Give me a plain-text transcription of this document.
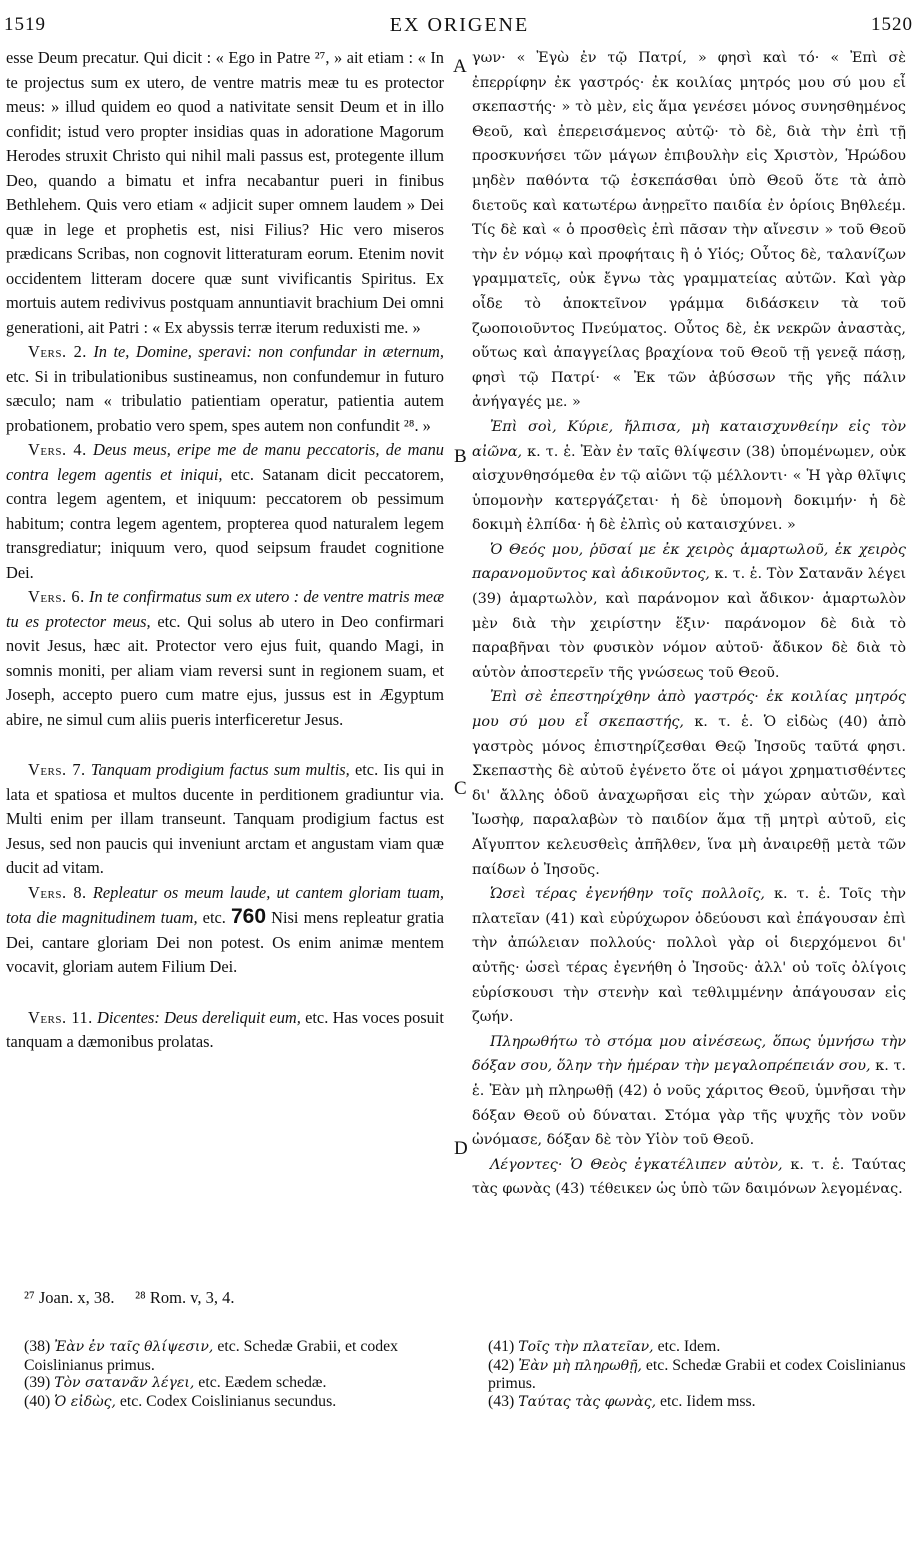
1519	EX ORIGENE	1520
A
B
C
D

esse Deum precatur. Qui dicit : « Ego in Patre ²⁷, » ait etiam : « In te projectus sum ex utero, de ventre matris meæ tu es protector meus: » illud quidem eo quod a nativitate sensit Deum et in illo confidit; istud vero propter insidias quas in adoratione Magorum Herodes struxit Christo qui nihil mali passus est, protegente illum Deo, quando a bimatu et infra necabantur pueri in finibus Bethlehem. Quis vero etiam « adjicit super omnem laudem » Dei quæ in lege et prophetis est, nisi Filius? Hic vero miseros prædicans Scribas, non cognovit litteraturam eorum. Etenim novit occidentem litteram docere quæ sunt vivificantis Spiritus. Ex mortuis autem redivivus postquam annuntiavit brachium Dei omni generationi, ait Patri : « Ex abyssis terræ iterum reduxisti me. »

Vers. 2. In te, Domine, speravi: non confundar in æternum, etc. Si in tribulationibus sustineamus, non confundemur in futuro sæculo; nam « tribulatio patientiam operatur, patientia autem probationem, probatio vero spem, spes autem non confundit ²⁸. »

Vers. 4. Deus meus, eripe me de manu peccatoris, de manu contra legem agentis et iniqui, etc. Satanam dicit peccatorem, contra legem agentem, et iniquum: peccatorem ob pessimum habitum; contra legem agentem, propterea quod naturalem legem transgrediatur; iniquum vero, quod seipsum fraudet cognitione Dei.

Vers. 6. In te confirmatus sum ex utero : de ventre matris meæ tu es protector meus, etc. Qui solus ab utero in Deo confirmari novit Jesus, hæc ait. Protector vero ejus fuit, quando Magi, in somnis moniti, per aliam viam reversi sunt in regionem suam, et Joseph, accepto puero cum matre ejus, jussus est in Ægyptum abire, ne simul cum aliis pueris interficeretur Jesus.

Vers. 7. Tanquam prodigium factus sum multis, etc. Iis qui in lata et spatiosa et multos ducente in perditionem gradiuntur via. Multi enim per illam transeunt. Tanquam prodigium factus est Jesus, sed non paucis qui inveniunt arctam et angustam viam quæ ducit ad vitam.

Vers. 8. Repleatur os meum laude, ut cantem gloriam tuam, tota die magnitudinem tuam, etc. 760 Nisi mens repleatur gratia Dei, cantare gloriam Dei non potest. Os enim animæ mentem vocavit, gloriam autem Filium Dei.

Vers. 11. Dicentes: Deus dereliquit eum, etc. Has voces posuit tanquam a dæmonibus prolatas.

γων· « Ἐγὼ ἐν τῷ Πατρί, » φησὶ καὶ τό· « Ἐπὶ σὲ ἐπερρίφην ἐκ γαστρός· ἐκ κοιλίας μητρός μου σύ μου εἶ σκεπαστής· » τὸ μὲν, εἰς ἅμα γενέσει μόνος συνησθημένος Θεοῦ, καὶ ἐπερεισάμενος αὐτῷ· τὸ δὲ, διὰ τὴν ἐπὶ τῇ προσκυνήσει τῶν μάγων ἐπιβουλὴν εἰς Χριστὸν, Ἡρώδου μηδὲν παθόντα τῷ ἐσκεπάσθαι ὑπὸ Θεοῦ ὅτε τὰ ἀπὸ διετοῦς καὶ κατωτέρω ἀνῃρεῖτο παιδία ἐν ὁρίοις Βηθλεέμ. Τίς δὲ καὶ « ὁ προσθεὶς ἐπὶ πᾶσαν τὴν αἴνεσιν » τοῦ Θεοῦ τὴν ἐν νόμῳ καὶ προφήταις ἢ ὁ Υἱός; Οὗτος δὲ, ταλανίζων γραμματεῖς, οὐκ ἔγνω τὰς γραμματείας αὐτῶν. Καὶ γὰρ οἶδε τὸ ἀποκτεῖνον γράμμα διδάσκειν τὰ τοῦ ζωοποιοῦντος Πνεύματος. Οὗτος δὲ, ἐκ νεκρῶν ἀναστὰς, οὕτως καὶ ἀπαγγείλας βραχίονα τοῦ Θεοῦ τῇ γενεᾷ πάσῃ, φησὶ τῷ Πατρί· « Ἐκ τῶν ἀβύσσων τῆς γῆς πάλιν ἀνήγαγές με. »

Ἐπὶ σοὶ, Κύριε, ἤλπισα, μὴ καταισχυνθείην εἰς τὸν αἰῶνα, κ. τ. ἑ. Ἐὰν ἐν ταῖς θλίψεσιν (38) ὑπομένωμεν, οὐκ αἰσχυνθησόμεθα ἐν τῷ αἰῶνι τῷ μέλλοντι· « Ἡ γὰρ θλῖψις ὑπομονὴν κατεργάζεται· ἡ δὲ ὑπομονὴ δοκιμήν· ἡ δὲ δοκιμὴ ἐλπίδα· ἡ δὲ ἐλπὶς οὐ καταισχύνει. »

Ὁ Θεός μου, ῥῦσαί με ἐκ χειρὸς ἁμαρτωλοῦ, ἐκ χειρὸς παρανομοῦντος καὶ ἀδικοῦντος, κ. τ. ἑ. Τὸν Σατανᾶν λέγει (39) ἁμαρτωλὸν, καὶ παράνομον καὶ ἄδικον· ἁμαρτωλὸν μὲν διὰ τὴν χειρίστην ἕξιν· παράνομον δὲ διὰ τὸ παραβῆναι τὸν φυσικὸν νόμον αὐτοῦ· ἄδικον δὲ διὰ τὸ αὑτὸν ἀποστερεῖν τῆς γνώσεως τοῦ Θεοῦ.

Ἐπὶ σὲ ἐπεστηρίχθην ἀπὸ γαστρός· ἐκ κοιλίας μητρός μου σύ μου εἶ σκεπαστής, κ. τ. ἑ. Ὁ εἰδὼς (40) ἀπὸ γαστρὸς μόνος ἐπιστηρίζεσθαι Θεῷ Ἰησοῦς ταῦτά φησι. Σκεπαστὴς δὲ αὐτοῦ ἐγένετο ὅτε οἱ μάγοι χρηματισθέντες δι' ἄλλης ὁδοῦ ἀναχωρῆσαι εἰς τὴν χώραν αὐτῶν, καὶ Ἰωσὴφ, παραλαβὼν τὸ παιδίον ἅμα τῇ μητρὶ αὐτοῦ, εἰς Αἴγυπτον κελευσθεὶς ἀπῆλθεν, ἵνα μὴ ἀναιρεθῇ μετὰ τῶν παίδων ὁ Ἰησοῦς.

Ὡσεὶ τέρας ἐγενήθην τοῖς πολλοῖς, κ. τ. ἑ. Τοῖς τὴν πλατεῖαν (41) καὶ εὐρύχωρον ὁδεύουσι καὶ ἐπάγουσαν ἐπὶ τὴν ἀπώλειαν πολλούς· πολλοὶ γὰρ οἱ διερχόμενοι δι' αὐτῆς· ὡσεὶ τέρας ἐγενήθη ὁ Ἰησοῦς· ἀλλ' οὐ τοῖς ὀλίγοις εὑρίσκουσι τὴν στενὴν καὶ τεθλιμμένην ἀπάγουσαν εἰς ζωήν.

Πληρωθήτω τὸ στόμα μου αἰνέσεως, ὅπως ὑμνήσω τὴν δόξαν σου, ὅλην τὴν ἡμέραν τὴν μεγαλοπρέπειάν σου, κ. τ. ἑ. Ἐὰν μὴ πληρωθῇ (42) ὁ νοῦς χάριτος Θεοῦ, ὑμνῆσαι τὴν δόξαν Θεοῦ οὐ δύναται. Στόμα γὰρ τῆς ψυχῆς τὸν νοῦν ὠνόμασε, δόξαν δὲ τὸν Υἱὸν τοῦ Θεοῦ.

Λέγοντες· Ὁ Θεὸς ἐγκατέλιπεν αὐτὸν, κ. τ. ἑ. Ταύτας τὰς φωνὰς (43) τέθεικεν ὡς ὑπὸ τῶν δαιμόνων λεγομένας.

²⁷ Joan. x, 38. ²⁸ Rom. v, 3, 4.

(38) Ἐὰν ἐν ταῖς θλίψεσιν, etc. Schedæ Grabii, et codex Coislinianus primus.

(39) Τὸν σατανᾶν λέγει, etc. Eædem schedæ.

(40) Ὁ εἰδὼς, etc. Codex Coislinianus secundus.

(41) Τοῖς τὴν πλατεῖαν, etc. Idem.

(42) Ἐὰν μὴ πληρωθῇ, etc. Schedæ Grabii et codex Coislinianus primus.

(43) Ταύτας τὰς φωνὰς, etc. Iidem mss.
